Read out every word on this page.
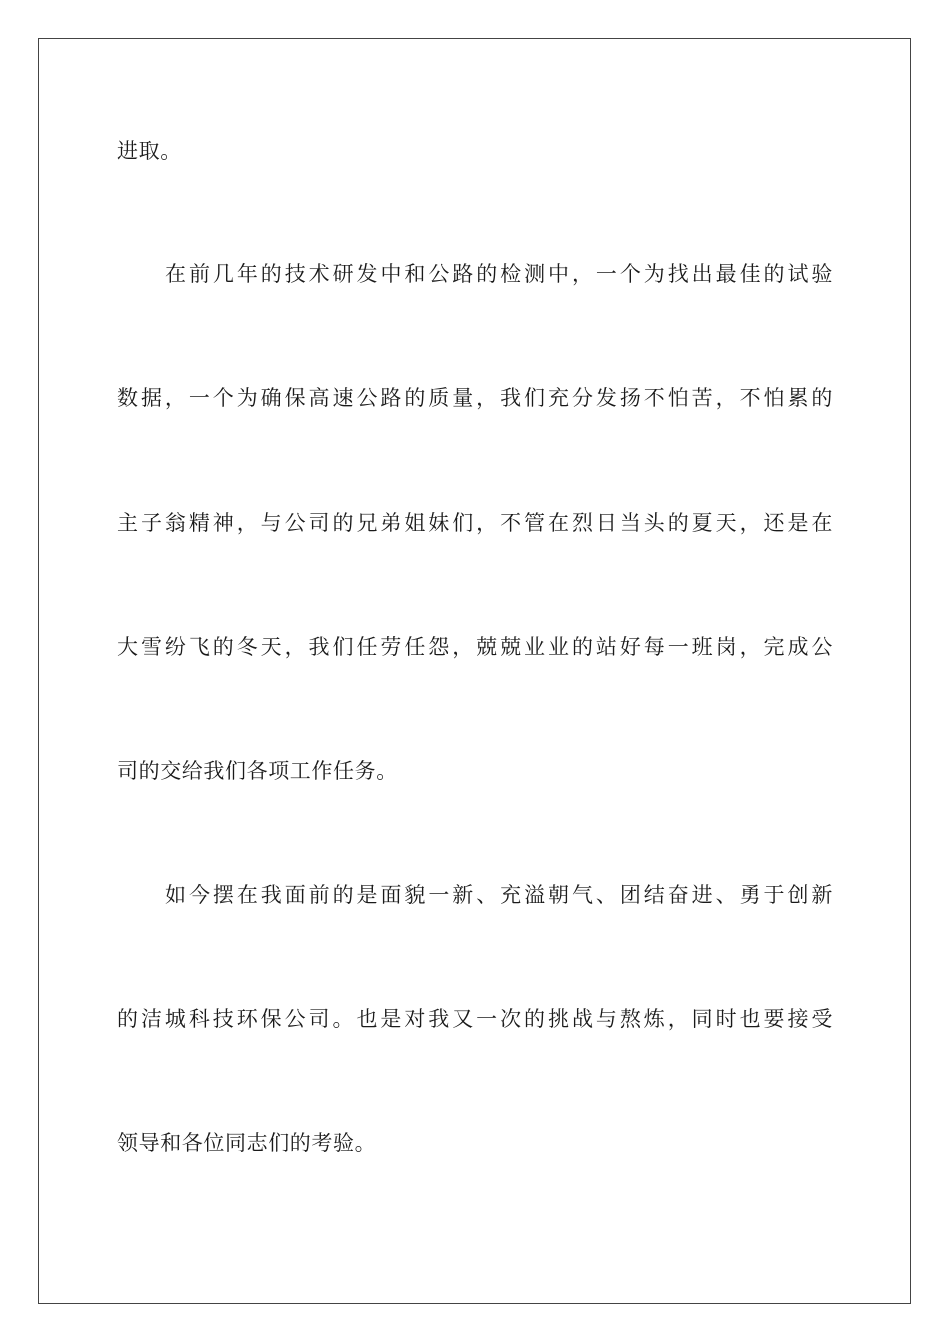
进取。
在前几年的技术研发中和公路的检测中，一个为找出最佳的试验
数据，一个为确保高速公路的质量，我们充分发扬不怕苦，不怕累的
主子翁精神，与公司的兄弟姐妹们，不管在烈日当头的夏天，还是在
大雪纷飞的冬天，我们任劳任怨，兢兢业业的站好每一班岗，完成公
司的交给我们各项工作任务。
如今摆在我面前的是面貌一新、充溢朝气、团结奋进、勇于创新
的洁城科技环保公司。也是对我又一次的挑战与熬炼，同时也要接受
领导和各位同志们的考验。
